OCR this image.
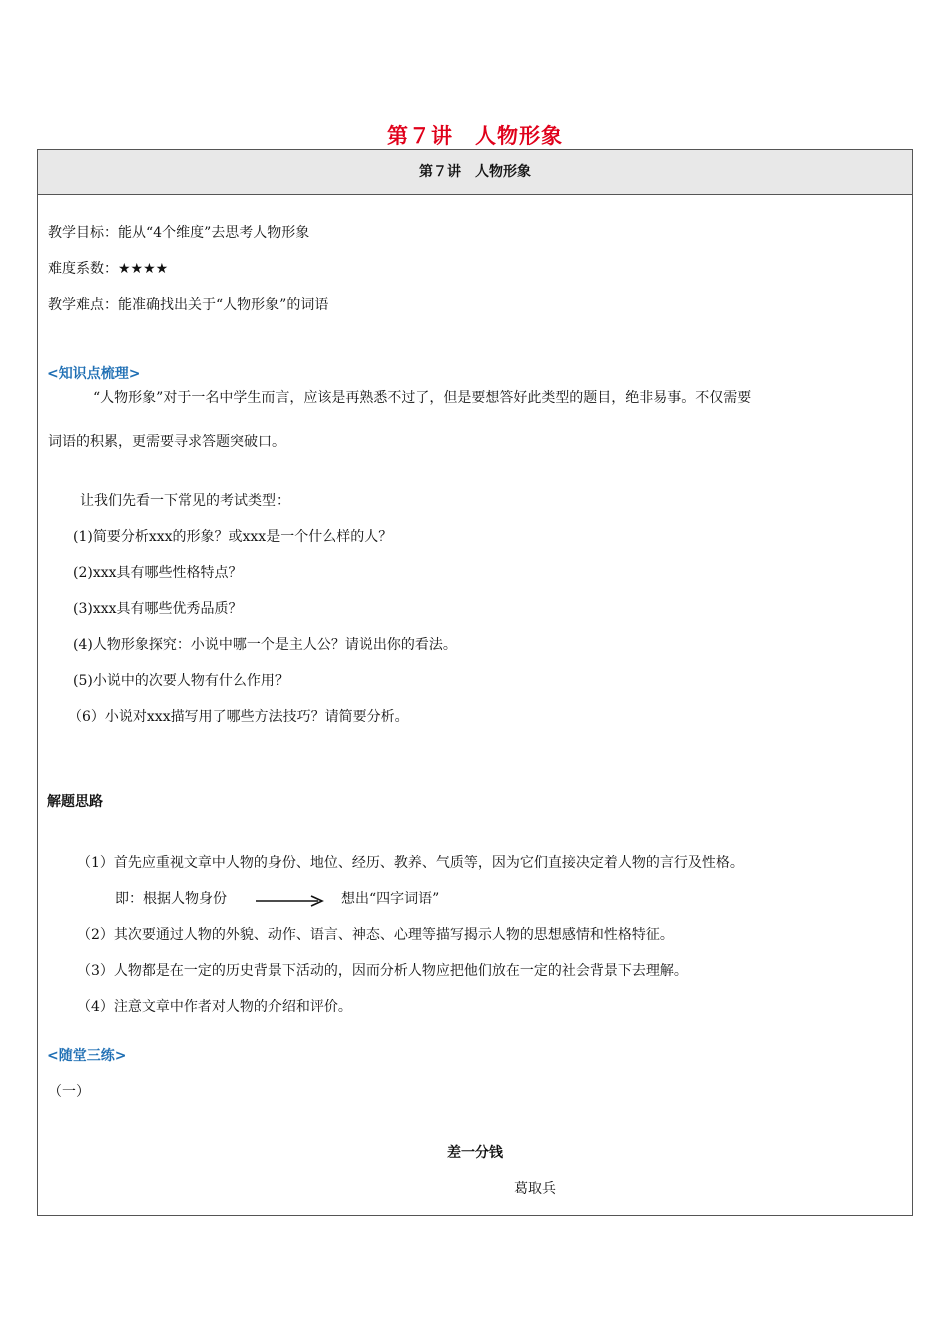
第７讲　人物形象
第７讲　人物形象
教学目标：能从“4个维度”去思考人物形象
难度系数：★★★★
教学难点：能准确找出关于“人物形象”的词语
<知识点梳理>
“人物形象”对于一名中学生而言，应该是再熟悉不过了，但是要想答好此类型的题目，绝非易事。不仅需要
词语的积累，更需要寻求答题突破口。
让我们先看一下常见的考试类型：
(1)简要分析xxx的形象？或xxx是一个什么样的人？
(2)xxx具有哪些性格特点？
(3)xxx具有哪些优秀品质？
(4)人物形象探究：小说中哪一个是主人公？请说出你的看法。
(5)小说中的次要人物有什么作用？
（6）小说对xxx描写用了哪些方法技巧？请简要分析。
解题思路
（1）首先应重视文章中人物的身份、地位、经历、教养、气质等，因为它们直接决定着人物的言行及性格。
即：根据人物身份	想出“四字词语”
（2）其次要通过人物的外貌、动作、语言、神态、心理等描写揭示人物的思想感情和性格特征。
（3）人物都是在一定的历史背景下活动的，因而分析人物应把他们放在一定的社会背景下去理解。
（4）注意文章中作者对人物的介绍和评价。
<随堂三练>
（一）
差一分钱
葛取兵
